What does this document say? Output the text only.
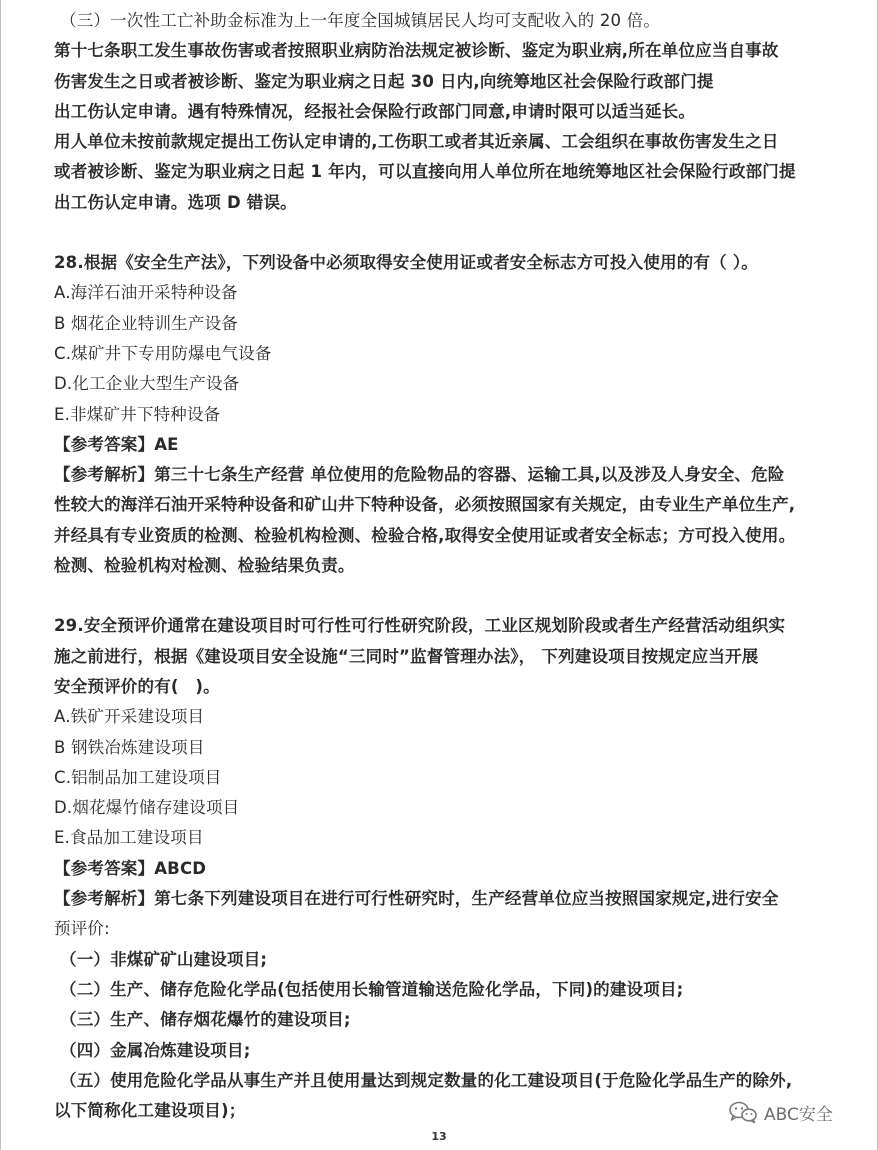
（三）一次性工亡补助金标准为上一年度全国城镇居民人均可支配收入的 20 倍。
第十七条职工发生事故伤害或者按照职业病防治法规定被诊断、鉴定为职业病,所在单位应当自事故
伤害发生之日或者被诊断、鉴定为职业病之日起 30 日内,向统筹地区社会保险行政部门提
出工伤认定申请。遇有特殊情况，经报社会保险行政部门同意,申请时限可以适当延长。
用人单位未按前款规定提出工伤认定申请的,工伤职工或者其近亲属、工会组织在事故伤害发生之日
或者被诊断、鉴定为职业病之日起 1 年内，可以直接向用人单位所在地统筹地区社会保险行政部门提
出工伤认定申请。选项 D 错误。
28.根据《安全生产法》，下列设备中必须取得安全使用证或者安全标志方可投入使用的有（ ）。
A.海洋石油开采特种设备
B 烟花企业特训生产设备
C.煤矿井下专用防爆电气设备
D.化工企业大型生产设备
E.非煤矿井下特种设备
【参考答案】AE
【参考解析】第三十七条生产经营 单位使用的危险物品的容器、运输工具,以及涉及人身安全、危险
性较大的海洋石油开采特种设备和矿山井下特种设备，必须按照国家有关规定，由专业生产单位生产,
并经具有专业资质的检测、检验机构检测、检验合格,取得安全使用证或者安全标志；方可投入使用。
检测、检验机构对检测、检验结果负责。
29.安全预评价通常在建设项目时可行性可行性研究阶段，工业区规划阶段或者生产经营活动组织实
施之前进行，根据《建设项目安全设施“三同时”监督管理办法》， 下列建设项目按规定应当开展
安全预评价的有(　)。
A.铁矿开采建设项目
B 钢铁冶炼建设项目
C.铝制品加工建设项目
D.烟花爆竹储存建设项目
E.食品加工建设项目
【参考答案】ABCD
【参考解析】第七条下列建设项目在进行可行性研究时，生产经营单位应当按照国家规定,进行安全
预评价:
（一）非煤矿矿山建设项目;
（二）生产、储存危险化学品(包括使用长输管道输送危险化学品，下同)的建设项目;
（三）生产、储存烟花爆竹的建设项目;
（四）金属冶炼建设项目;
（五）使用危险化学品从事生产并且使用量达到规定数量的化工建设项目(于危险化学品生产的除外,
以下简称化工建设项目)；
13
ABC安全
